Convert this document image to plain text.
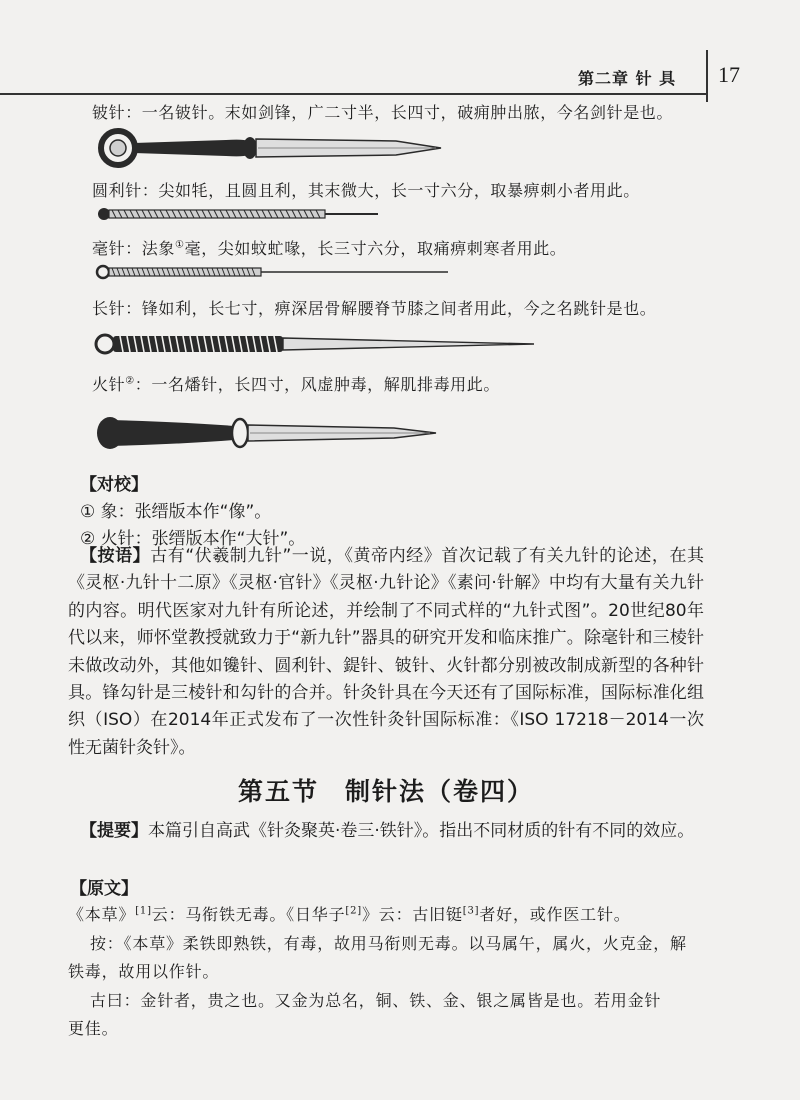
第二章 针 具 17
铍针：一名铍针。末如剑锋，广二寸半，长四寸，破痈肿出脓，今名剑针是也。
圆利针：尖如牦，且圆且利，其末微大，长一寸六分，取暴痹刺小者用此。
毫针：法象①毫，尖如蚊虻喙，长三寸六分，取痛痹刺寒者用此。
长针：锋如利，长七寸，痹深居骨解腰脊节膝之间者用此，今之名跳针是也。
火针②：一名燔针，长四寸，风虚肿毒，解肌排毒用此。
【对校】
① 象：张缙版本作“像”。
② 火针：张缙版本作“大针”。

【按语】古有“伏羲制九针”一说，《黄帝内经》首次记载了有关九针的论述，在其《灵枢·九针十二原》《灵枢·官针》《灵枢·九针论》《素问·针解》中均有大量有关九针的内容。明代医家对九针有所论述，并绘制了不同式样的“九针式图”。20世纪80年代以来，师怀堂教授就致力于“新九针”器具的研究开发和临床推广。除毫针和三棱针未做改动外，其他如镵针、圆利针、鍉针、铍针、火针都分别被改制成新型的各种针具。锋勾针是三棱针和勾针的合并。针灸针具在今天还有了国际标准，国际标准化组织（ISO）在2014年正式发布了一次性针灸针国际标准：《ISO 17218－2014一次性无菌针灸针》。

第五节 制针法（卷四）

【提要】本篇引自高武《针灸聚英·卷三·铁针》。指出不同材质的针有不同的效应。

【原文】
《本草》[1]云：马衔铁无毒。《日华子[2]》云：古旧铤[3]者好，或作医工针。
按：《本草》柔铁即熟铁，有毒，故用马衔则无毒。以马属午，属火，火克金，解
铁毒，故用以作针。
古曰：金针者，贵之也。又金为总名，铜、铁、金、银之属皆是也。若用金针
更佳。
